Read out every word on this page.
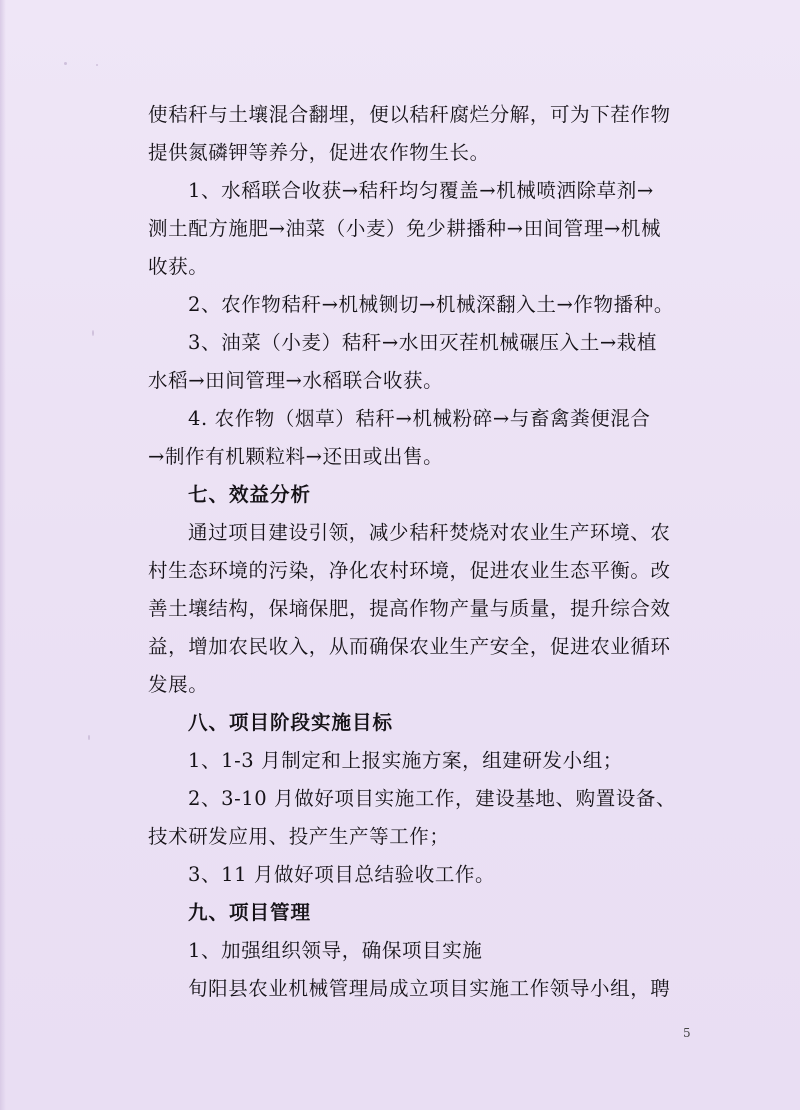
使秸秆与土壤混合翻埋，便以秸秆腐烂分解，可为下茬作物
提供氮磷钾等养分，促进农作物生长。
1、水稻联合收获→秸秆均匀覆盖→机械喷洒除草剂→
测土配方施肥→油菜（小麦）免少耕播种→田间管理→机械
收获。
2、农作物秸秆→机械铡切→机械深翻入土→作物播种。
3、油菜（小麦）秸秆→水田灭茬机械碾压入土→栽植
水稻→田间管理→水稻联合收获。
4. 农作物（烟草）秸秆→机械粉碎→与畜禽粪便混合
→制作有机颗粒料→还田或出售。
七、效益分析
通过项目建设引领，减少秸秆焚烧对农业生产环境、农
村生态环境的污染，净化农村环境，促进农业生态平衡。改
善土壤结构，保墒保肥，提高作物产量与质量，提升综合效
益，增加农民收入，从而确保农业生产安全，促进农业循环
发展。
八、项目阶段实施目标
1、1-3 月制定和上报实施方案，组建研发小组；
2、3-10 月做好项目实施工作，建设基地、购置设备、
技术研发应用、投产生产等工作；
3、11 月做好项目总结验收工作。
九、项目管理
1、加强组织领导，确保项目实施
旬阳县农业机械管理局成立项目实施工作领导小组，聘
5
